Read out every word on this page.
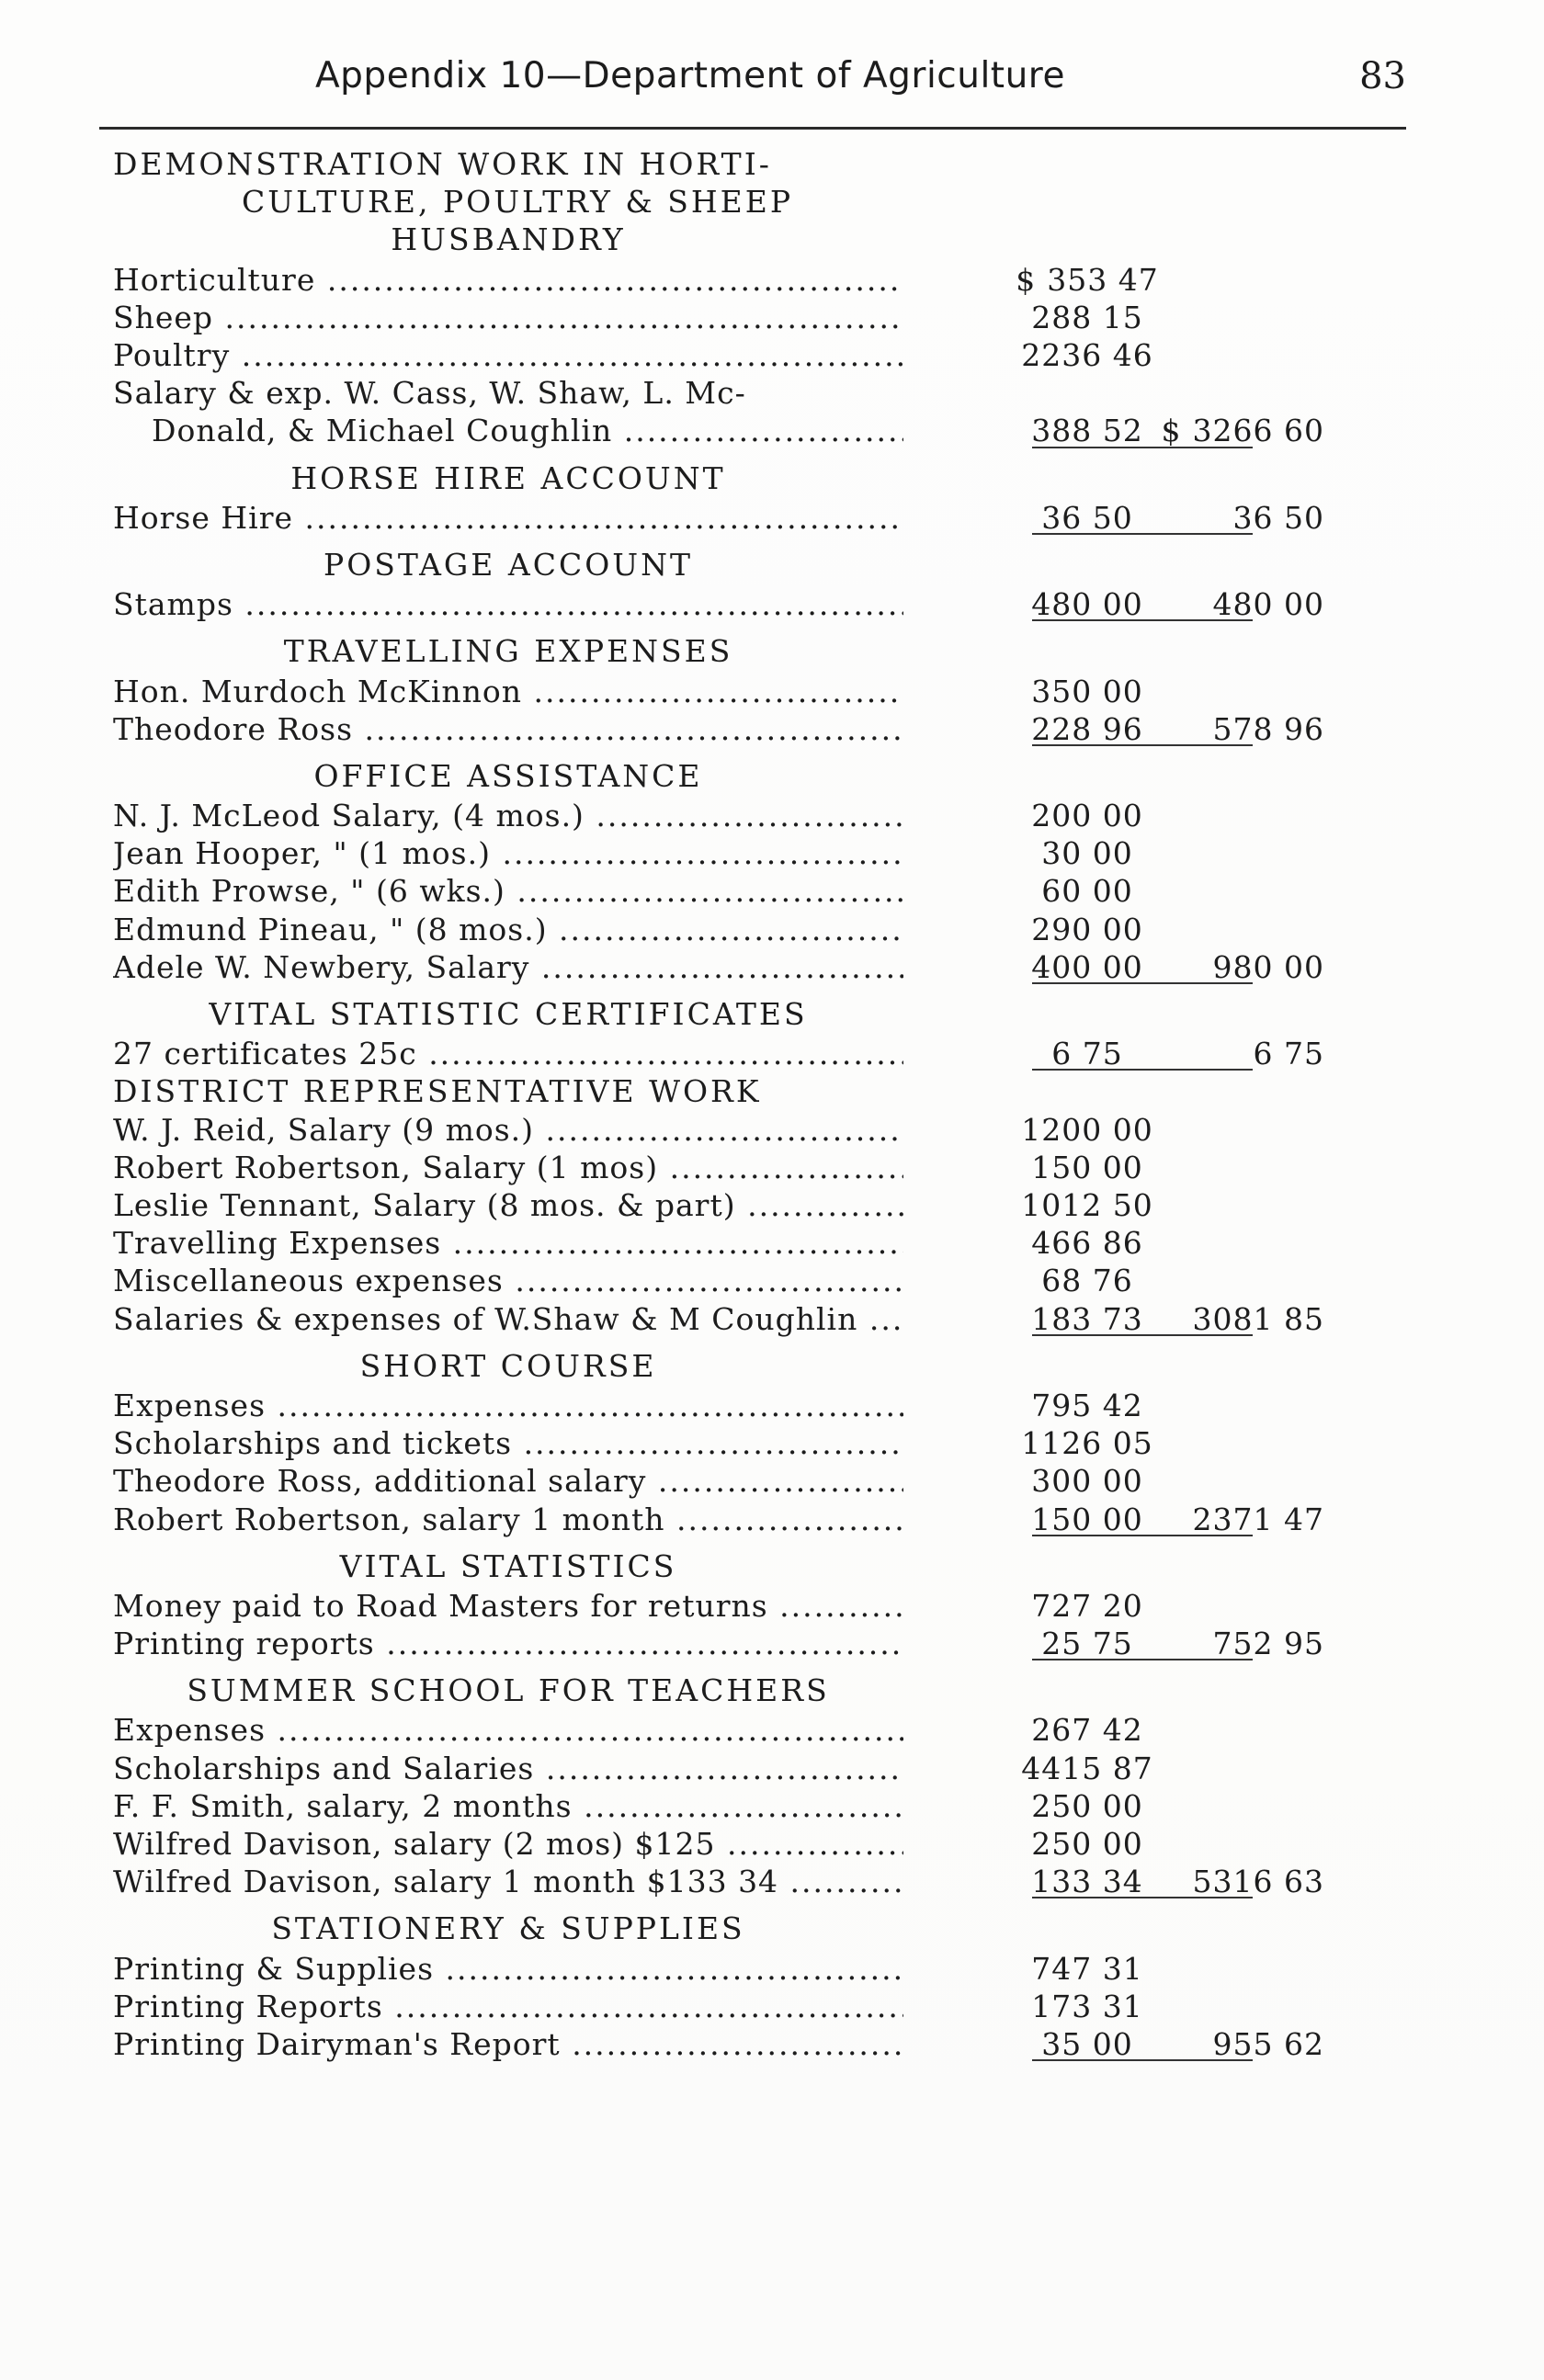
Appendix 10—Department of Agriculture	83
DEMONSTRATION WORK IN HORTI-
CULTURE, POULTRY & SHEEP
HUSBANDRY
Horticulture .....	$ 353 47
Sheep .....	288 15
Poultry .....	2236 46
Salary & exp. W. Cass, W. Shaw, L. Mc-
Donald, & Michael Coughlin .....	388 52 $ 3266 60
HORSE HIRE ACCOUNT
Horse Hire .....	36 50	36 50
POSTAGE ACCOUNT
Stamps .....	480 00	480 00
TRAVELLING EXPENSES
Hon. Murdoch McKinnon .....	350 00
Theodore Ross .....	228 96	578 96
OFFICE ASSISTANCE
N. J. McLeod Salary, (4 mos.) .....	200 00
Jean Hooper, " (1 mos.) .....	30 00
Edith Prowse, " (6 wks.) .....	60 00
Edmund Pineau, " (8 mos.) .....	290 00
Adele W. Newbery, Salary .....	400 00	980 00
VITAL STATISTIC CERTIFICATES
27 certificates 25c .....	6 75	6 75
DISTRICT REPRESENTATIVE WORK
W. J. Reid, Salary (9 mos.) .....	1200 00
Robert Robertson, Salary (1 mos) .....	150 00
Leslie Tennant, Salary (8 mos. & part) .....	1012 50
Travelling Expenses .....	466 86
Miscellaneous expenses .....	68 76
Salaries & expenses of W.Shaw & M Coughlin .....	183 73	3081 85
SHORT COURSE
Expenses .....	795 42
Scholarships and tickets .....	1126 05
Theodore Ross, additional salary .....	300 00
Robert Robertson, salary 1 month .....	150 00	2371 47
VITAL STATISTICS
Money paid to Road Masters for returns .....	727 20
Printing reports .....	25 75	752 95
SUMMER SCHOOL FOR TEACHERS
Expenses .....	267 42
Scholarships and Salaries .....	4415 87
F. F. Smith, salary, 2 months .....	250 00
Wilfred Davison, salary (2 mos) $125 .....	250 00
Wilfred Davison, salary 1 month $133 34 .....	133 34	5316 63
STATIONERY & SUPPLIES
Printing & Supplies .....	747 31
Printing Reports .....	173 31
Printing Dairyman's Report .....	35 00	955 62
